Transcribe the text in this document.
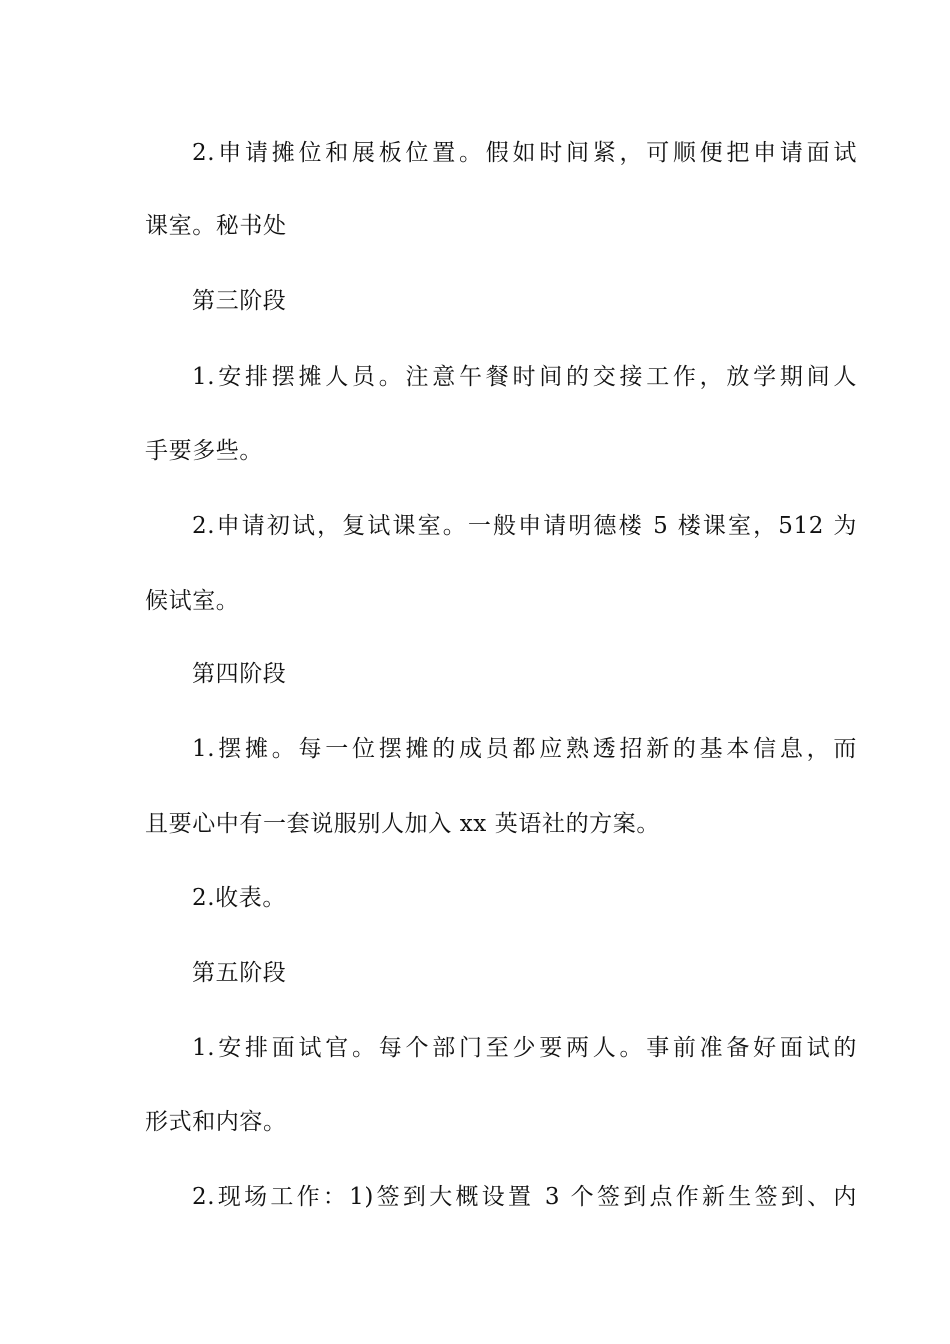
2.申请摊位和展板位置。假如时间紧，可顺便把申请面试
课室。秘书处
第三阶段
1.安排摆摊人员。注意午餐时间的交接工作，放学期间人
手要多些。
2.申请初试，复试课室。一般申请明德楼 5 楼课室，512 为
候试室。
第四阶段
1.摆摊。每一位摆摊的成员都应熟透招新的基本信息，而
且要心中有一套说服别人加入 xx 英语社的方案。
2.收表。
第五阶段
1.安排面试官。每个部门至少要两人。事前准备好面试的
形式和内容。
2.现场工作：1)签到大概设置 3 个签到点作新生签到、内
